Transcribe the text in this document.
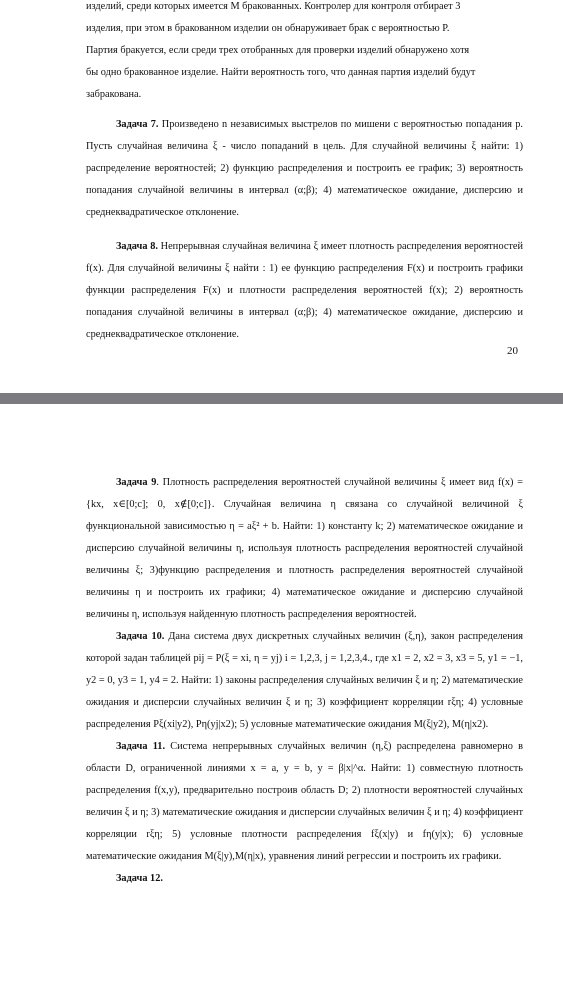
изделий, среди которых имеется M бракованных. Контролер для контроля отбирает 3
изделия, при этом в бракованном изделии он обнаруживает брак с вероятностью P.
Партия бракуется, если среди трех отобранных для проверки изделий обнаружено хотя
бы одно бракованное изделие. Найти вероятность того, что данная партия изделий будут
забракована.

Задача 7. Произведено n независимых выстрелов по мишени с вероятностью попадания p. Пусть случайная величина ξ - число попаданий в цель. Для случайной величины ξ найти: 1) распределение вероятностей; 2) функцию распределения и построить ее график; 3) вероятность попадания случайной величины в интервал (α;β); 4) математическое ожидание, дисперсию и среднеквадратическое отклонение.

Задача 8. Непрерывная случайная величина ξ имеет плотность распределения вероятностей f(x). Для случайной величины ξ найти : 1) ее функцию распределения F(x) и построить графики функции распределения F(x) и плотности распределения вероятностей f(x); 2) вероятность попадания случайной величины в интервал (α;β); 4) математическое ожидание, дисперсию и среднеквадратическое отклонение.

20

Задача 9. Плотность распределения вероятностей случайной величины ξ имеет вид f(x) = {kx, x∈[0;c]; 0, x∉[0;c]}. Случайная величина η связана со случайной величиной ξ функциональной зависимостью η = aξ² + b. Найти: 1) константу k; 2) математическое ожидание и дисперсию случайной величины η, используя плотность распределения вероятностей случайной величины ξ; 3)функцию распределения и плотность распределения вероятностей случайной величины η и построить их графики; 4) математическое ожидание и дисперсию случайной величины η, используя найденную плотность распределения вероятностей.

Задача 10. Дана система двух дискретных случайных величин (ξ,η), закон распределения которой задан таблицей pij = P(ξ = xi, η = yj) i = 1,2,3, j = 1,2,3,4., где x1 = 2, x2 = 3, x3 = 5, y1 = −1, y2 = 0, y3 = 1, y4 = 2. Найти: 1) законы распределения случайных величин ξ и η; 2) математические ожидания и дисперсии случайных величин ξ и η; 3) коэффициент корреляции rξη; 4) условные распределения Pξ(xi|y2), Pη(yj|x2); 5) условные математические ожидания M(ξ|y2), M(η|x2).

Задача 11. Система непрерывных случайных величин (η,ξ) распределена равномерно в области D, ограниченной линиями x = a, y = b, y = β|x|^α. Найти: 1) совместную плотность распределения f(x,y), предварительно построив область D; 2) плотности вероятностей случайных величин ξ и η; 3) математические ожидания и дисперсии случайных величин ξ и η; 4) коэффициент корреляции rξη; 5) условные плотности распределения fξ(x|y) и fη(y|x); 6) условные математические ожидания M(ξ|y),M(η|x), уравнения линий регрессии и построить их графики.

Задача 12.
